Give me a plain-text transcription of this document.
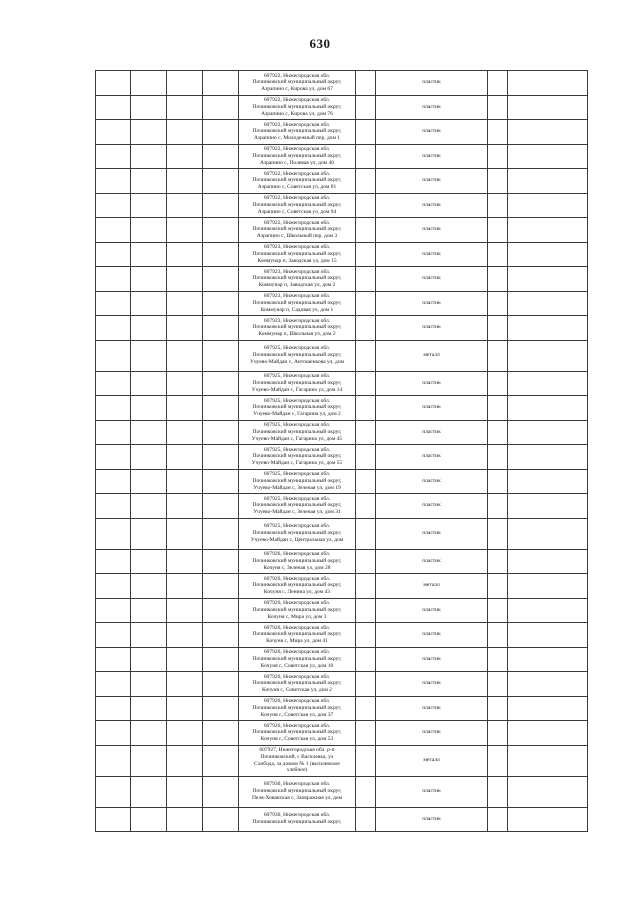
630

				607922, Нижегородская обл.
Починковский муниципальный округ,
Азрапино с, Кирова ул, дом 67		пластик		

				607922, Нижегородская обл.
Починковский муниципальный округ,
Азрапино с, Кирова ул, дом 76		пластик		

				607922, Нижегородская обл.
Починковский муниципальный округ,
Азрапино с, Молодежный пер, дом 1		пластик		

				607922, Нижегородская обл.
Починковский муниципальный округ,
Азрапино с, Полевая ул, дом 40		пластик		

				607922, Нижегородская обл.
Починковский муниципальный округ,
Азрапино с, Советская ул, дом 81		пластик		

				607922, Нижегородская обл.
Починковский муниципальный округ,
Азрапино с, Советская ул, дом 94		пластик		

				607922, Нижегородская обл.
Починковский муниципальный округ,
Азрапино с, Школьный пер, дом 3		пластик		

				607923, Нижегородская обл.
Починковский муниципальный округ,
Коммунар п, Заводская ул, дом 15		пластик		

				607923, Нижегородская обл.
Починковский муниципальный округ,
Коммунар п, Заводская ул, дом 2		пластик		

				607923, Нижегородская обл.
Починковский муниципальный округ,
Коммунар п, Садовая ул, дом 1		пластик		

				607923, Нижегородская обл.
Починковский муниципальный округ,
Коммунар п, Школьная ул, дом 2		пластик		

				607925, Нижегородская обл.
Починковский муниципальный округ,
Учуево-Майдан с, Антошенкова ул, дом		металл		

				607925, Нижегородская обл.
Починковский муниципальный округ,
Учуево-Майдан с, Гагарина ул, дом 14		пластик		

				607925, Нижегородская обл.
Починковский муниципальный округ,
Учуево-Майдан с, Гагарина ул, дом 2		пластик		

				607925, Нижегородская обл.
Починковский муниципальный округ,
Учуево-Майдан с, Гагарина ул, дом 45		пластик		

				607925, Нижегородская обл.
Починковский муниципальный округ,
Учуево-Майдан с, Гагарина ул, дом 55		пластик		

				607925, Нижегородская обл.
Починковский муниципальный округ,
Учуево-Майдан с, Зеленая ул, дом 19		пластик		

				607925, Нижегородская обл.
Починковский муниципальный округ,
Учуево-Майдан с, Зеленая ул, дом 31		пластик		

				607925, Нижегородская обл.
Починковский муниципальный округ,
Учуево-Майдан с, Центральная ул, дом		пластик		

				607926, Нижегородская обл.
Починковский муниципальный округ,
Кочуня с, Зеленая ул, дом 28		пластик		

				607926, Нижегородская обл.
Починковский муниципальный округ,
Кочуня с, Ленина ул, дом 43		металл		

				607926, Нижегородская обл.
Починковский муниципальный округ,
Кочуня с, Мира ул, дом 3		пластик		

				607926, Нижегородская обл.
Починковский муниципальный округ,
Кочуня с, Мира ул, дом 41		пластик		

				607926, Нижегородская обл.
Починковский муниципальный округ,
Кочуня с, Советская ул, дом 10		пластик		

				607926, Нижегородская обл.
Починковский муниципальный округ,
Кочуня с, Советская ул, дом 2		пластик		

				607926, Нижегородская обл.
Починковский муниципальный округ,
Кочуня с, Советская ул, дом 37		пластик		

				607926, Нижегородская обл.
Починковский муниципальный округ,
Кочуня с, Советская ул, дом 53		пластик		

				607927, Нижегородская обл. р-н
Починковский, с Василевка, ул
Слобода, за домом № 1 (василевское
хлебное)		металл		

				607930, Нижегородская обл.
Починковский муниципальный округ,
Пеля-Хованская с, Заовражная ул, дом		пластик		

				607930, Нижегородская обл.
Починковский муниципальный округ,		пластик		
